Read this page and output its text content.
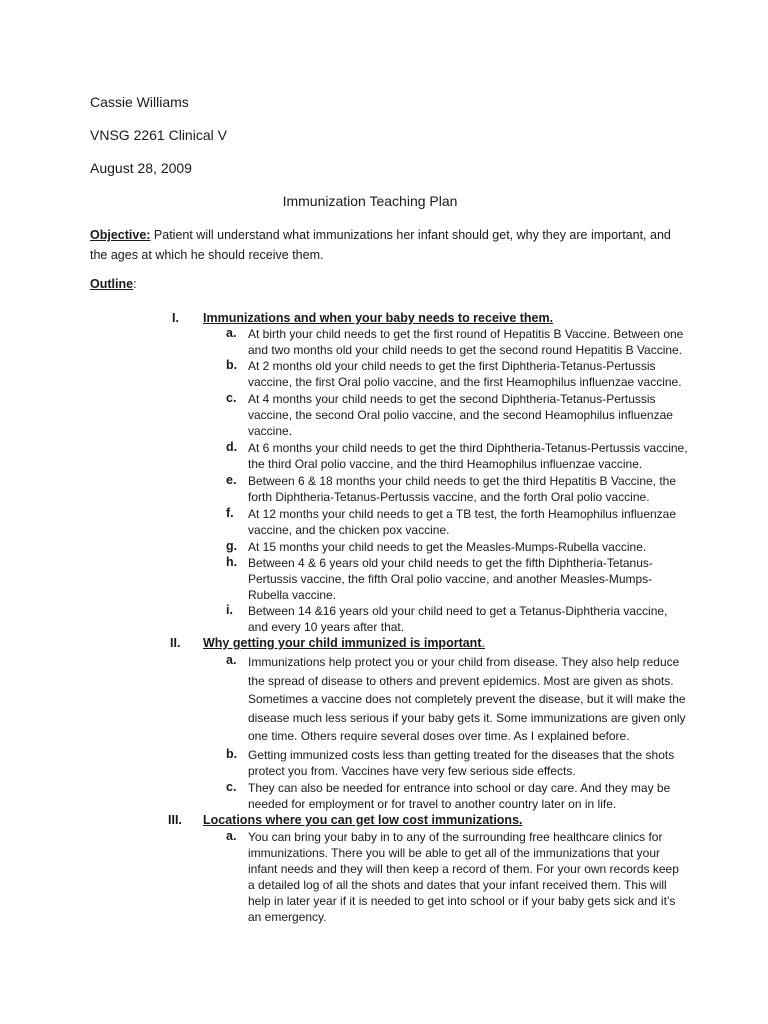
Cassie Williams
VNSG 2261 Clinical V
August 28, 2009
Immunization Teaching Plan
Objective: Patient will understand what immunizations her infant should get, why they are important, and the ages at which he should receive them.
Outline:
I. Immunizations and when your baby needs to receive them.
a. At birth your child needs to get the first round of Hepatitis B Vaccine. Between one and two months old your child needs to get the second round Hepatitis B Vaccine.
b. At 2 months old your child needs to get the first Diphtheria-Tetanus-Pertussis vaccine, the first Oral polio vaccine, and the first Heamophilus influenzae vaccine.
c. At 4 months your child needs to get the second Diphtheria-Tetanus-Pertussis vaccine, the second Oral polio vaccine, and the second Heamophilus influenzae vaccine.
d. At 6 months your child needs to get the third Diphtheria-Tetanus-Pertussis vaccine, the third Oral polio vaccine, and the third Heamophilus influenzae vaccine.
e. Between 6 & 18 months your child needs to get the third Hepatitis B Vaccine, the forth Diphtheria-Tetanus-Pertussis vaccine, and the forth Oral polio vaccine.
f. At 12 months your child needs to get a TB test, the forth Heamophilus influenzae vaccine, and the chicken pox vaccine.
g. At 15 months your child needs to get the Measles-Mumps-Rubella vaccine.
h. Between 4 & 6 years old your child needs to get the fifth Diphtheria-Tetanus-Pertussis vaccine, the fifth Oral polio vaccine, and another Measles-Mumps-Rubella vaccine.
i. Between 14 &16 years old your child need to get a Tetanus-Diphtheria vaccine, and every 10 years after that.
II. Why getting your child immunized is important.
a. Immunizations help protect you or your child from disease. They also help reduce the spread of disease to others and prevent epidemics. Most are given as shots. Sometimes a vaccine does not completely prevent the disease, but it will make the disease much less serious if your baby gets it. Some immunizations are given only one time. Others require several doses over time. As I explained before.
b. Getting immunized costs less than getting treated for the diseases that the shots protect you from. Vaccines have very few serious side effects.
c. They can also be needed for entrance into school or day care. And they may be needed for employment or for travel to another country later on in life.
III. Locations where you can get low cost immunizations.
a. You can bring your baby in to any of the surrounding free healthcare clinics for immunizations. There you will be able to get all of the immunizations that your infant needs and they will then keep a record of them. For your own records keep a detailed log of all the shots and dates that your infant received them. This will help in later year if it is needed to get into school or if your baby gets sick and it’s an emergency.
